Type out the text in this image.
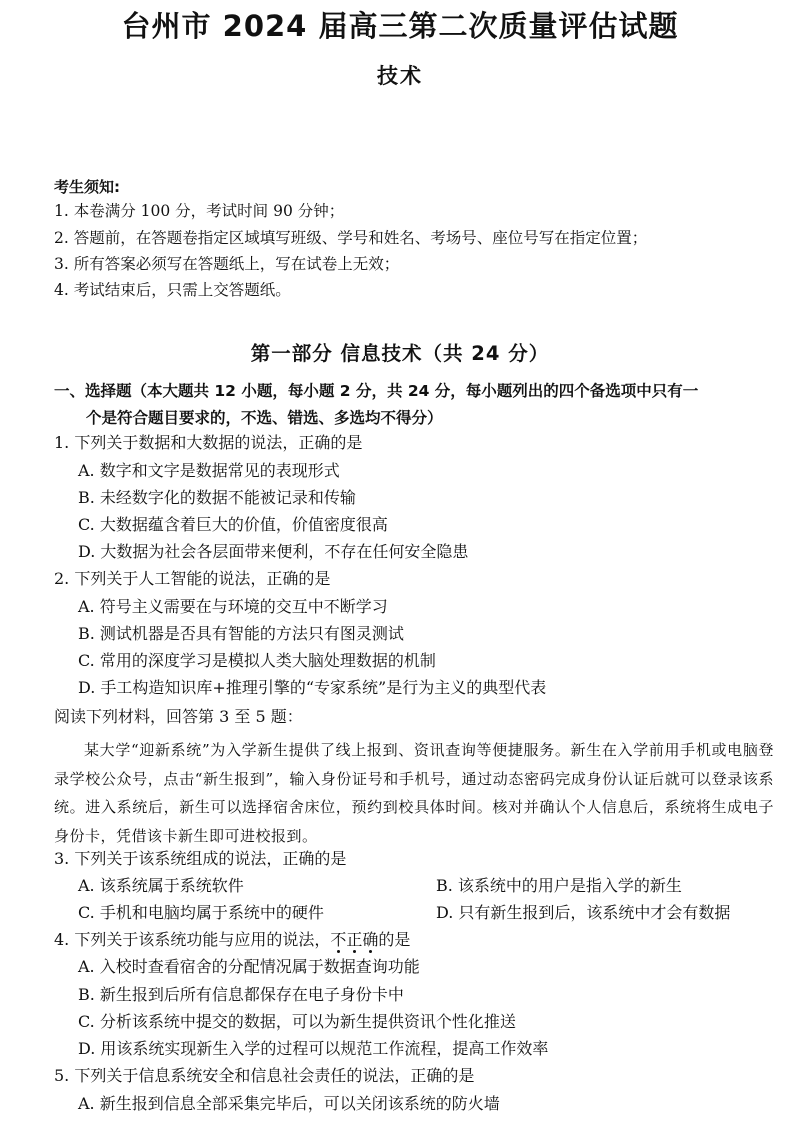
台州市 2024 届高三第二次质量评估试题
技术
考生须知:
1. 本卷满分 100 分，考试时间 90 分钟；
2. 答题前，在答题卷指定区域填写班级、学号和姓名、考场号、座位号写在指定位置；
3. 所有答案必须写在答题纸上，写在试卷上无效；
4. 考试结束后，只需上交答题纸。
第一部分 信息技术（共 24 分）
一、选择题（本大题共 12 小题，每小题 2 分，共 24 分，每小题列出的四个备选项中只有一
个是符合题目要求的，不选、错选、多选均不得分）
1. 下列关于数据和大数据的说法，正确的是
A. 数字和文字是数据常见的表现形式
B. 未经数字化的数据不能被记录和传输
C. 大数据蕴含着巨大的价值，价值密度很高
D. 大数据为社会各层面带来便利，不存在任何安全隐患
2. 下列关于人工智能的说法，正确的是
A. 符号主义需要在与环境的交互中不断学习
B. 测试机器是否具有智能的方法只有图灵测试
C. 常用的深度学习是模拟人类大脑处理数据的机制
D. 手工构造知识库+推理引擎的“专家系统”是行为主义的典型代表
阅读下列材料，回答第 3 至 5 题：
某大学“迎新系统”为入学新生提供了线上报到、资讯查询等便捷服务。新生在入学前用手机或电脑登录学校公众号，点击“新生报到”，输入身份证号和手机号，通过动态密码完成身份认证后就可以登录该系统。进入系统后，新生可以选择宿舍床位，预约到校具体时间。核对并确认个人信息后，系统将生成电子身份卡，凭借该卡新生即可进校报到。
3. 下列关于该系统组成的说法，正确的是
A. 该系统属于系统软件	B. 该系统中的用户是指入学的新生
C. 手机和电脑均属于系统中的硬件	D. 只有新生报到后，该系统中才会有数据
4. 下列关于该系统功能与应用的说法，不正确的是
A. 入校时查看宿舍的分配情况属于数据查询功能
B. 新生报到后所有信息都保存在电子身份卡中
C. 分析该系统中提交的数据，可以为新生提供资讯个性化推送
D. 用该系统实现新生入学的过程可以规范工作流程，提高工作效率
5. 下列关于信息系统安全和信息社会责任的说法，正确的是
A. 新生报到信息全部采集完毕后，可以关闭该系统的防火墙
